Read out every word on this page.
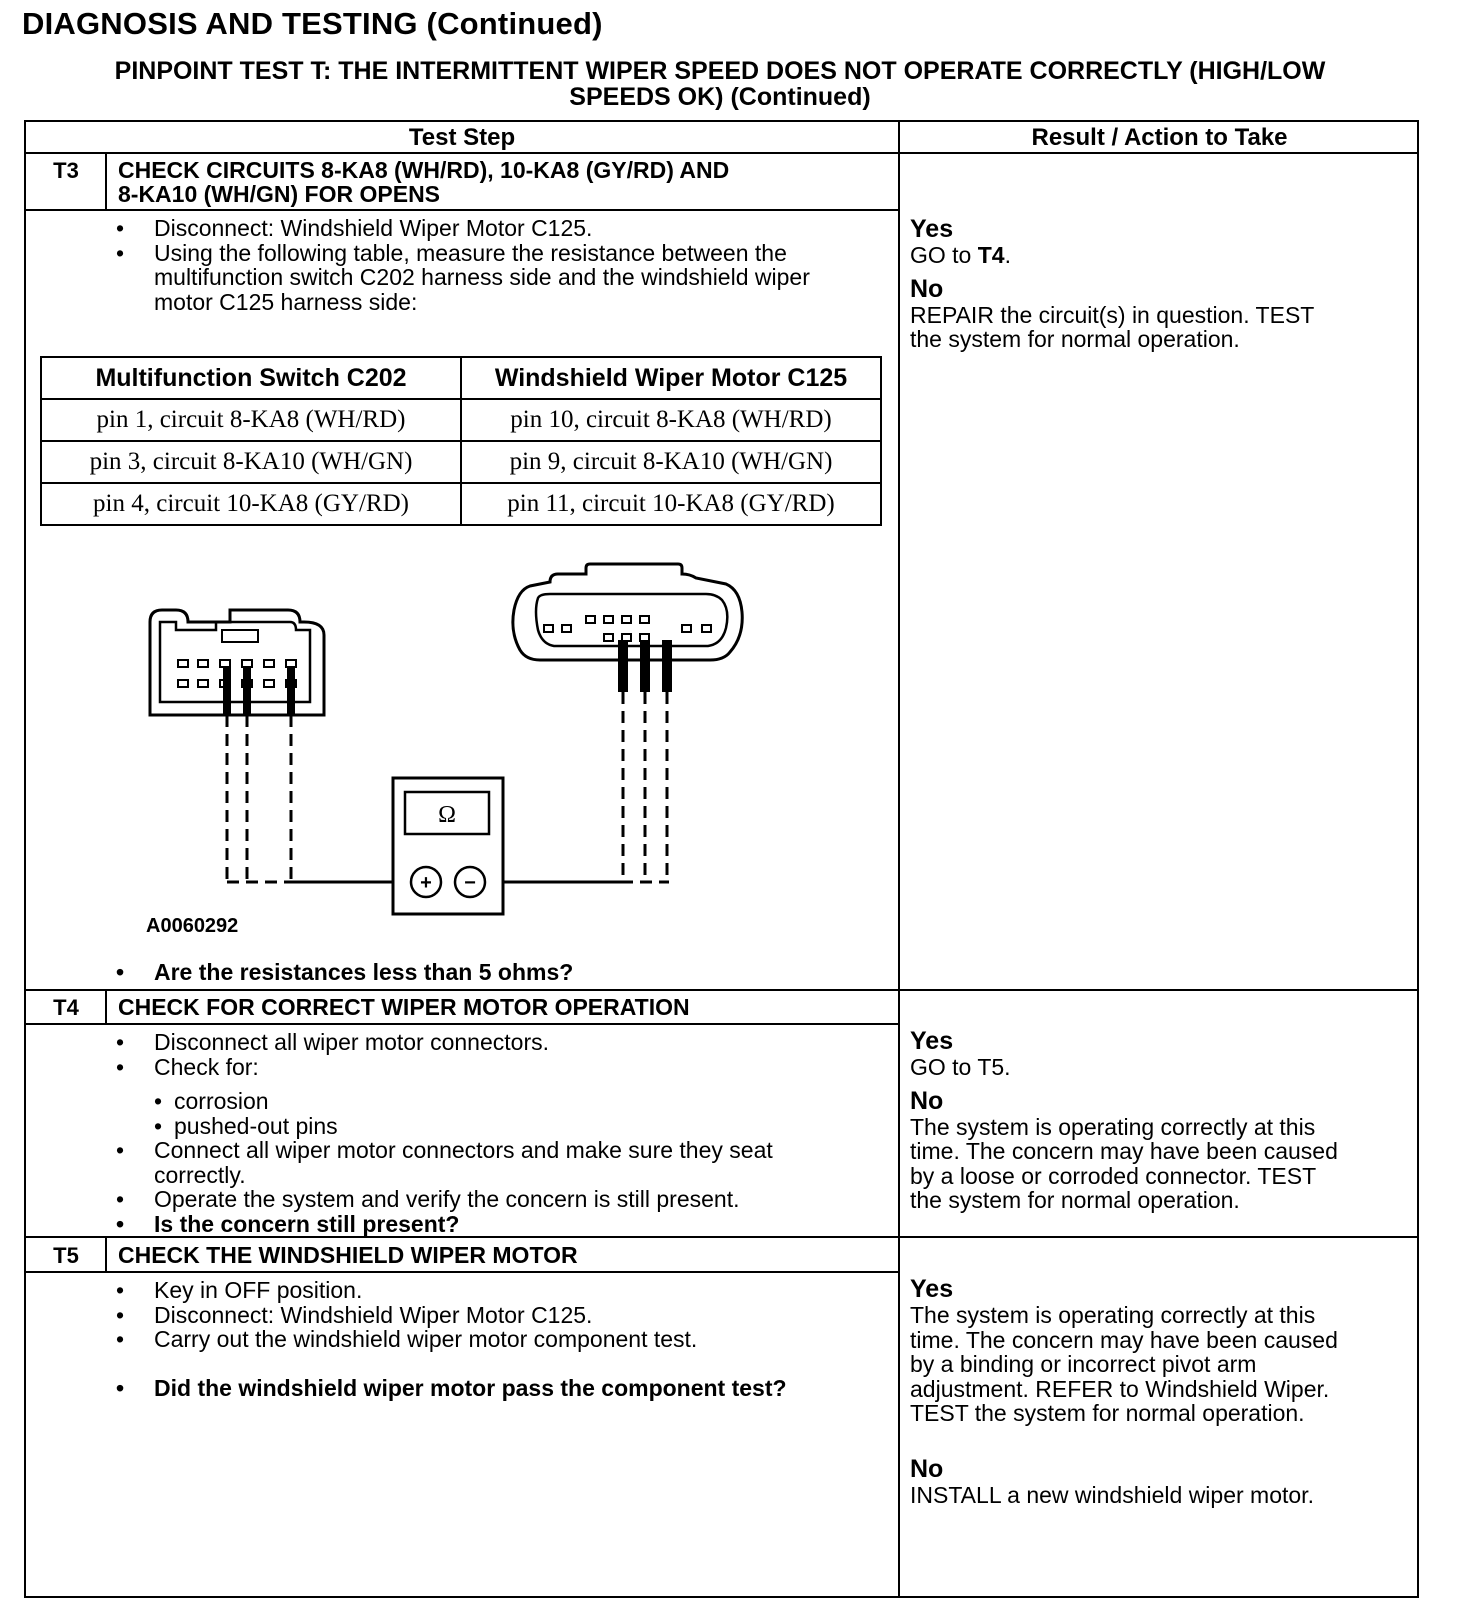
DIAGNOSIS AND TESTING (Continued)
PINPOINT TEST T: THE INTERMITTENT WIPER SPEED DOES NOT OPERATE CORRECTLY (HIGH/LOW
SPEEDS OK) (Continued)
Test Step	Result / Action to Take
T3	CHECK CIRCUITS 8-KA8 (WH/RD), 10-KA8 (GY/RD) AND
8-KA10 (WH/GN) FOR OPENS
• Disconnect: Windshield Wiper Motor C125.
• Using the following table, measure the resistance between the
multifunction switch C202 harness side and the windshield wiper
motor C125 harness side:
Multifunction Switch C202	Windshield Wiper Motor C125
pin 1, circuit 8-KA8 (WH/RD)	pin 10, circuit 8-KA8 (WH/RD)
pin 3, circuit 8-KA10 (WH/GN)	pin 9, circuit 8-KA10 (WH/GN)
pin 4, circuit 10-KA8 (GY/RD)	pin 11, circuit 10-KA8 (GY/RD)
Ω
+ −
A0060292
• Are the resistances less than 5 ohms?
Yes

GO to T4.

No

REPAIR the circuit(s) in question. TEST

the system for normal operation.

T4	CHECK FOR CORRECT WIPER MOTOR OPERATION
• Disconnect all wiper motor connectors.
• Check for:
• corrosion
• pushed-out pins
• Connect all wiper motor connectors and make sure they seat
correctly.
• Operate the system and verify the concern is still present.
• Is the concern still present?
Yes

GO to T5.

No

The system is operating correctly at this

time. The concern may have been caused

by a loose or corroded connector. TEST

the system for normal operation.

T5	CHECK THE WINDSHIELD WIPER MOTOR
• Key in OFF position.
• Disconnect: Windshield Wiper Motor C125.
• Carry out the windshield wiper motor component test.
• Did the windshield wiper motor pass the component test?
Yes

The system is operating correctly at this

time. The concern may have been caused

by a binding or incorrect pivot arm

adjustment. REFER to Windshield Wiper.

TEST the system for normal operation.

No

INSTALL a new windshield wiper motor.
